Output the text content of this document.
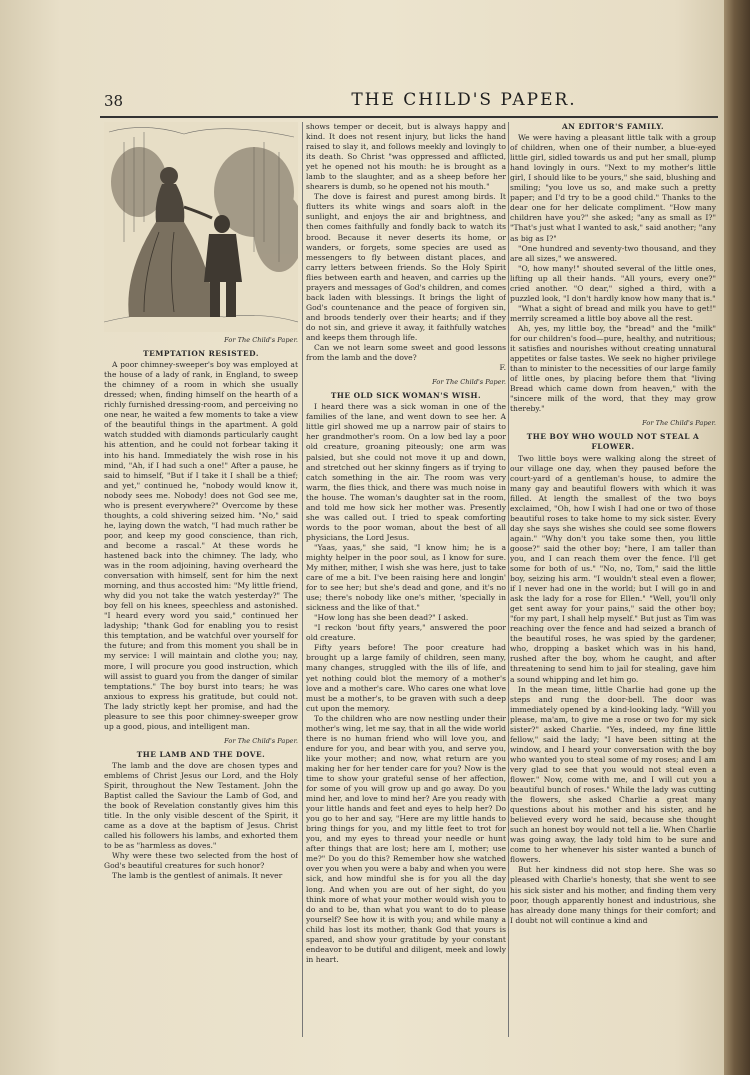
38	THE CHILD'S PAPER.
For The Child's Paper.
TEMPTATION RESISTED.

A poor chimney-sweeper's boy was employed at the house of a lady of rank, in England, to sweep the chimney of a room in which she usually dressed; when, finding himself on the hearth of a richly furnished dressing-room, and perceiving no one near, he waited a few moments to take a view of the beautiful things in the apartment. A gold watch studded with diamonds particularly caught his attention, and he could not forbear taking it into his hand. Immediately the wish rose in his mind, "Ah, if I had such a one!" After a pause, he said to himself, "But if I take it I shall be a thief; and yet," continued he, "nobody would know it, nobody sees me. Nobody! does not God see me, who is present everywhere?" Overcome by these thoughts, a cold shivering seized him. "No," said he, laying down the watch, "I had much rather be poor, and keep my good conscience, than rich, and become a rascal." At these words he hastened back into the chimney. The lady, who was in the room adjoining, having overheard the conversation with himself, sent for him the next morning, and thus accosted him: "My little friend, why did you not take the watch yesterday?" The boy fell on his knees, speechless and astonished. "I heard every word you said," continued her ladyship; "thank God for enabling you to resist this temptation, and be watchful over yourself for the future; and from this moment you shall be in my service: I will maintain and clothe you; nay, more, I will procure you good instruction, which will assist to guard you from the danger of similar temptations." The boy burst into tears; he was anxious to express his gratitude, but could not. The lady strictly kept her promise, and had the pleasure to see this poor chimney-sweeper grow up a good, pious, and intelligent man.

For The Child's Paper.
THE LAMB AND THE DOVE.

The lamb and the dove are chosen types and emblems of Christ Jesus our Lord, and the Holy Spirit, throughout the New Testament. John the Baptist called the Saviour the Lamb of God, and the book of Revelation constantly gives him this title. In the only visible descent of the Spirit, it came as a dove at the baptism of Jesus. Christ called his followers his lambs, and exhorted them to be as "harmless as doves."

Why were these two selected from the host of God's beautiful creatures for such honor?

The lamb is the gentlest of animals. It never

shows temper or deceit, but is always happy and kind. It does not resent injury, but licks the hand raised to slay it, and follows meekly and lovingly to its death. So Christ "was oppressed and afflicted, yet he opened not his mouth: he is brought as a lamb to the slaughter, and as a sheep before her shearers is dumb, so he opened not his mouth."

The dove is fairest and purest among birds. It flutters its white wings and soars aloft in the sunlight, and enjoys the air and brightness, and then comes faithfully and fondly back to watch its brood. Because it never deserts its home, or wanders, or forgets, some species are used as messengers to fly between distant places, and carry letters between friends. So the Holy Spirit flies between earth and heaven, and carries up the prayers and messages of God's children, and comes back laden with blessings. It brings the light of God's countenance and the peace of forgiven sin, and broods tenderly over their hearts; and if they do not sin, and grieve it away, it faithfully watches and keeps them through life.

Can we not learn some sweet and good lessons from the lamb and the dove?

F.
For The Child's Paper.
THE OLD SICK WOMAN'S WISH.

I heard there was a sick woman in one of the families of the lane, and went down to see her. A little girl showed me up a narrow pair of stairs to her grandmother's room. On a low bed lay a poor old creature, groaning piteously; one arm was palsied, but she could not move it up and down, and stretched out her skinny fingers as if trying to catch something in the air. The room was very warm, the flies thick, and there was much noise in the house. The woman's daughter sat in the room, and told me how sick her mother was. Presently she was called out. I tried to speak comforting words to the poor woman, about the best of all physicians, the Lord Jesus.

"Yaas, yaas," she said, "I know him; he is a mighty helper in the poor soul, as I know for sure. My mither, mither, I wish she was here, just to take care of me a bit. I've been raising here and longin' for to see her; but she's dead and gone, and it's no use; there's nobody like one's mither, 'specially in sickness and the like of that."

"How long has she been dead?" I asked.

"I reckon 'bout fifty years," answered the poor old creature.

Fifty years before! The poor creature had brought up a large family of children, seen many, many changes, struggled with the ills of life, and yet nothing could blot the memory of a mother's love and a mother's care. Who cares one what love must be a mother's, to be graven with such a deep cut upon the memory.

To the children who are now nestling under their mother's wing, let me say, that in all the wide world there is no human friend who will love you, and endure for you, and bear with you, and serve you, like your mother; and now, what return are you making her for her tender care for you? Now is the time to show your grateful sense of her affection, for some of you will grow up and go away. Do you mind her, and love to mind her? Are you ready with your little hands and feet and eyes to help her? Do you go to her and say, "Here are my little hands to bring things for you, and my little feet to trot for you, and my eyes to thread your needle or hunt after things that are lost; here am I, mother; use me?" Do you do this? Remember how she watched over you when you were a baby and when you were sick, and how mindful she is for you all the day long. And when you are out of her sight, do you think more of what your mother would wish you to do and to be, than what you want to do to please yourself? See how it is with you; and while many a child has lost its mother, thank God that yours is spared, and show your gratitude by your constant endeavor to be dutiful and diligent, meek and lowly in heart.

AN EDITOR'S FAMILY.

We were having a pleasant little talk with a group of children, when one of their number, a blue-eyed little girl, sidled towards us and put her small, plump hand lovingly in ours. "Next to my mother's little girl, I should like to be yours," she said, blushing and smiling; "you love us so, and make such a pretty paper; and I'd try to be a good child." Thanks to the dear one for her delicate compliment. "How many children have you?" she asked; "any as small as I?" "That's just what I wanted to ask," said another; "any as big as I?"

"One hundred and seventy-two thousand, and they are all sizes," we answered.

"O, how many!" shouted several of the little ones, lifting up all their hands. "All yours, every one?" cried another. "O dear," sighed a third, with a puzzled look, "I don't hardly know how many that is."

"What a sight of bread and milk you have to get!" merrily screamed a little boy above all the rest.

Ah, yes, my little boy, the "bread" and the "milk" for our children's food—pure, healthy, and nutritious; it satisfies and nourishes without creating unnatural appetites or false tastes. We seek no higher privilege than to minister to the necessities of our large family of little ones, by placing before them that "living Bread which came down from heaven," with the "sincere milk of the word, that they may grow thereby."

For The Child's Paper.
THE BOY WHO WOULD NOT STEAL A FLOWER.

Two little boys were walking along the street of our village one day, when they paused before the court-yard of a gentleman's house, to admire the many gay and beautiful flowers with which it was filled. At length the smallest of the two boys exclaimed, "Oh, how I wish I had one or two of those beautiful roses to take home to my sick sister. Every day she says she wishes she could see some flowers again." "Why don't you take some then, you little goose?" said the other boy; "here, I am taller than you, and I can reach them over the fence. I'll get some for both of us." "No, no, Tom," said the little boy, seizing his arm. "I wouldn't steal even a flower, if I never had one in the world; but I will go in and ask the lady for a rose for Ellen." "Well, you'll only get sent away for your pains," said the other boy; "for my part, I shall help myself." But just as Tim was reaching over the fence and had seized a branch of the beautiful roses, he was spied by the gardener, who, dropping a basket which was in his hand, rushed after the boy, whom he caught, and after threatening to send him to jail for stealing, gave him a sound whipping and let him go.

In the mean time, little Charlie had gone up the steps and rung the door-bell. The door was immediately opened by a kind-looking lady. "Will you please, ma'am, to give me a rose or two for my sick sister?" asked Charlie. "Yes, indeed, my fine little fellow," said the lady; "I have been sitting at the window, and I heard your conversation with the boy who wanted you to steal some of my roses; and I am very glad to see that you would not steal even a flower." Now, come with me, and I will cut you a beautiful bunch of roses." While the lady was cutting the flowers, she asked Charlie a great many questions about his mother and his sister, and he believed every word he said, because she thought such an honest boy would not tell a lie. When Charlie was going away, the lady told him to be sure and come to her whenever his sister wanted a bunch of flowers.

But her kindness did not stop here. She was so pleased with Charlie's honesty, that she went to see his sick sister and his mother, and finding them very poor, though apparently honest and industrious, she has already done many things for their comfort; and I doubt not will continue a kind and
